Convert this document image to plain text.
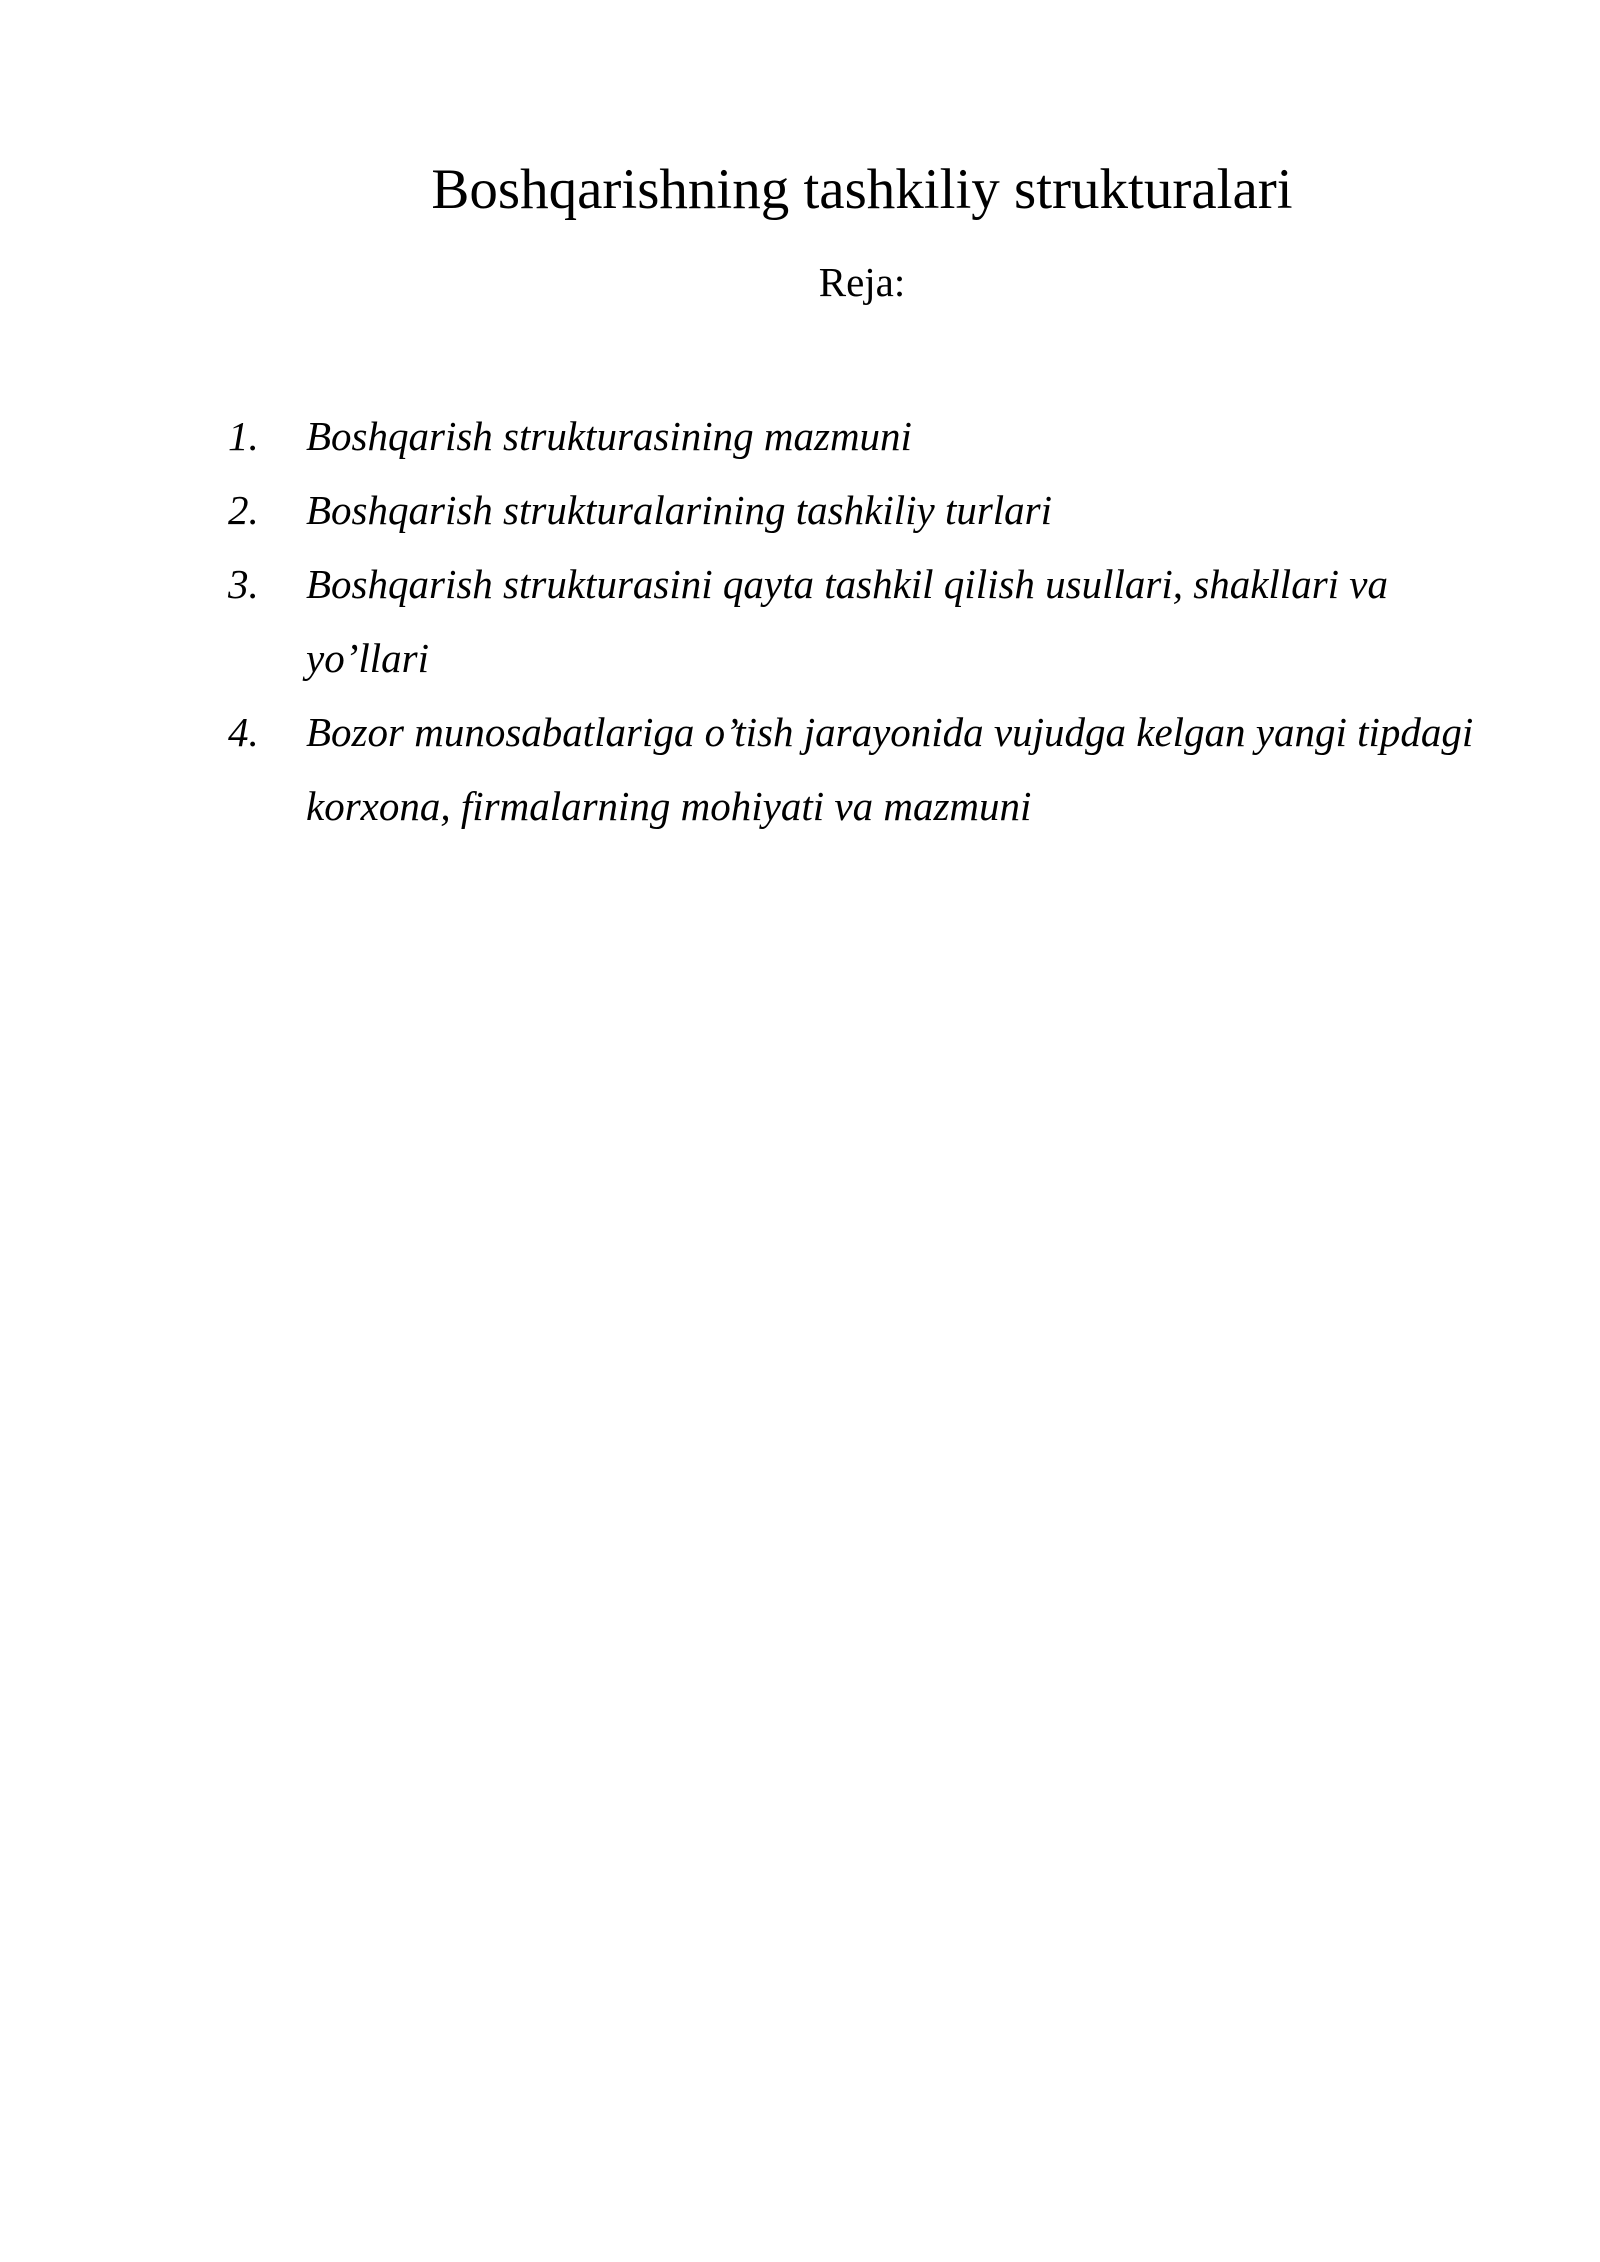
Boshqarishning tashkiliy strukturalari
Reja:
1. Boshqarish strukturasining mazmuni
2. Boshqarish strukturalarining tashkiliy turlari
3. Boshqarish strukturasini qayta tashkil qilish usullari, shakllari va yo’llari
4. Bozor munosabatlariga o’tish jarayonida vujudga kelgan yangi tipdagi korxona, firmalarning mohiyati va mazmuni
